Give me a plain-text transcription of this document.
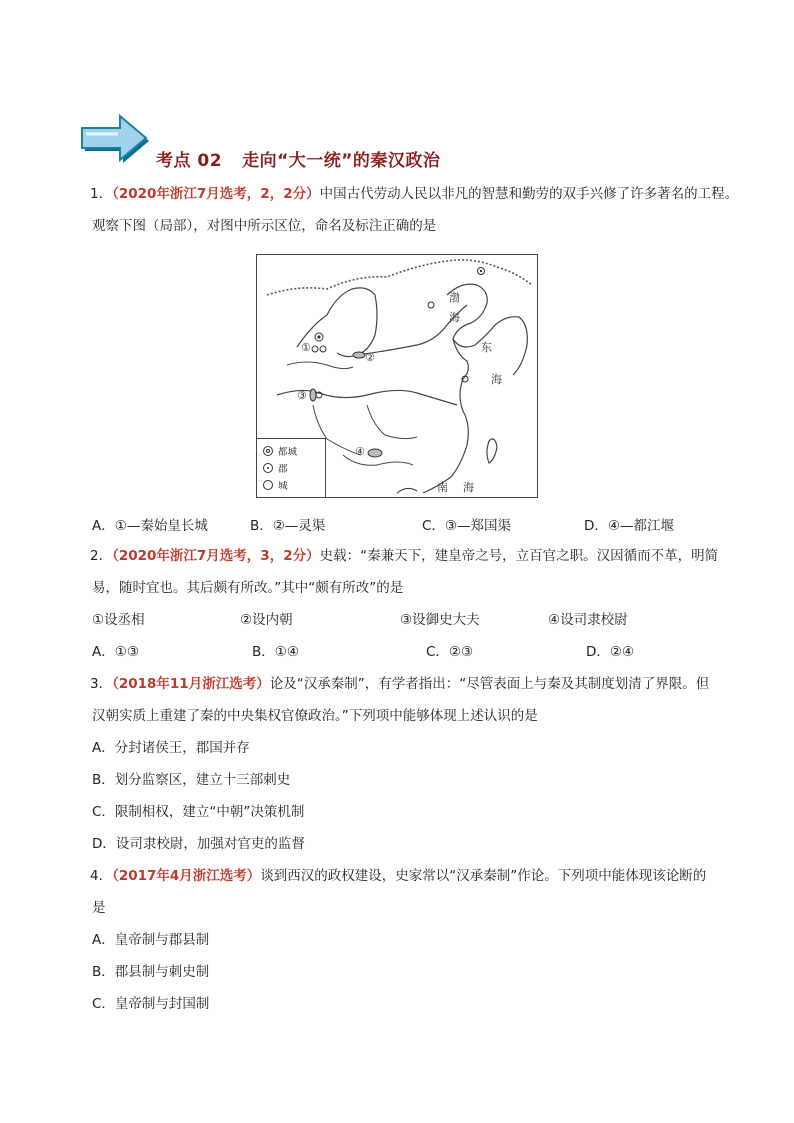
考点 02 走向“大一统”的秦汉政治
1．（2020年浙江7月选考，2，2分）中国古代劳动人民以非凡的智慧和勤劳的双手兴修了许多著名的工程。
观察下图（局部），对图中所示区位，命名及标注正确的是
渤
海
东
海
南 海
①
②
③
④
都城
郡
城
A．①—秦始皇长城	B．②—灵渠	C．③—郑国渠	D．④—都江堰
2．（2020年浙江7月选考，3，2分）史载：“秦兼天下，建皇帝之号，立百官之职。汉因循而不革，明简
易，随时宜也。其后颇有所改。”其中“颇有所改”的是
①设丞相	②设内朝	③设御史大夫	④设司隶校尉
A．①③	B．①④	C．②③	D．②④
3．（2018年11月浙江选考）论及“汉承秦制”，有学者指出：“尽管表面上与秦及其制度划清了界限。但
汉朝实质上重建了秦的中央集权官僚政治。”下列项中能够体现上述认识的是
A．分封诸侯王，郡国并存
B．划分监察区，建立十三部刺史
C．限制相权，建立“中朝”决策机制
D．设司隶校尉，加强对官吏的监督
4．（2017年4月浙江选考）谈到西汉的政权建设，史家常以“汉承秦制”作论。下列项中能体现该论断的
是
A．皇帝制与郡县制
B．郡县制与刺史制
C．皇帝制与封国制
